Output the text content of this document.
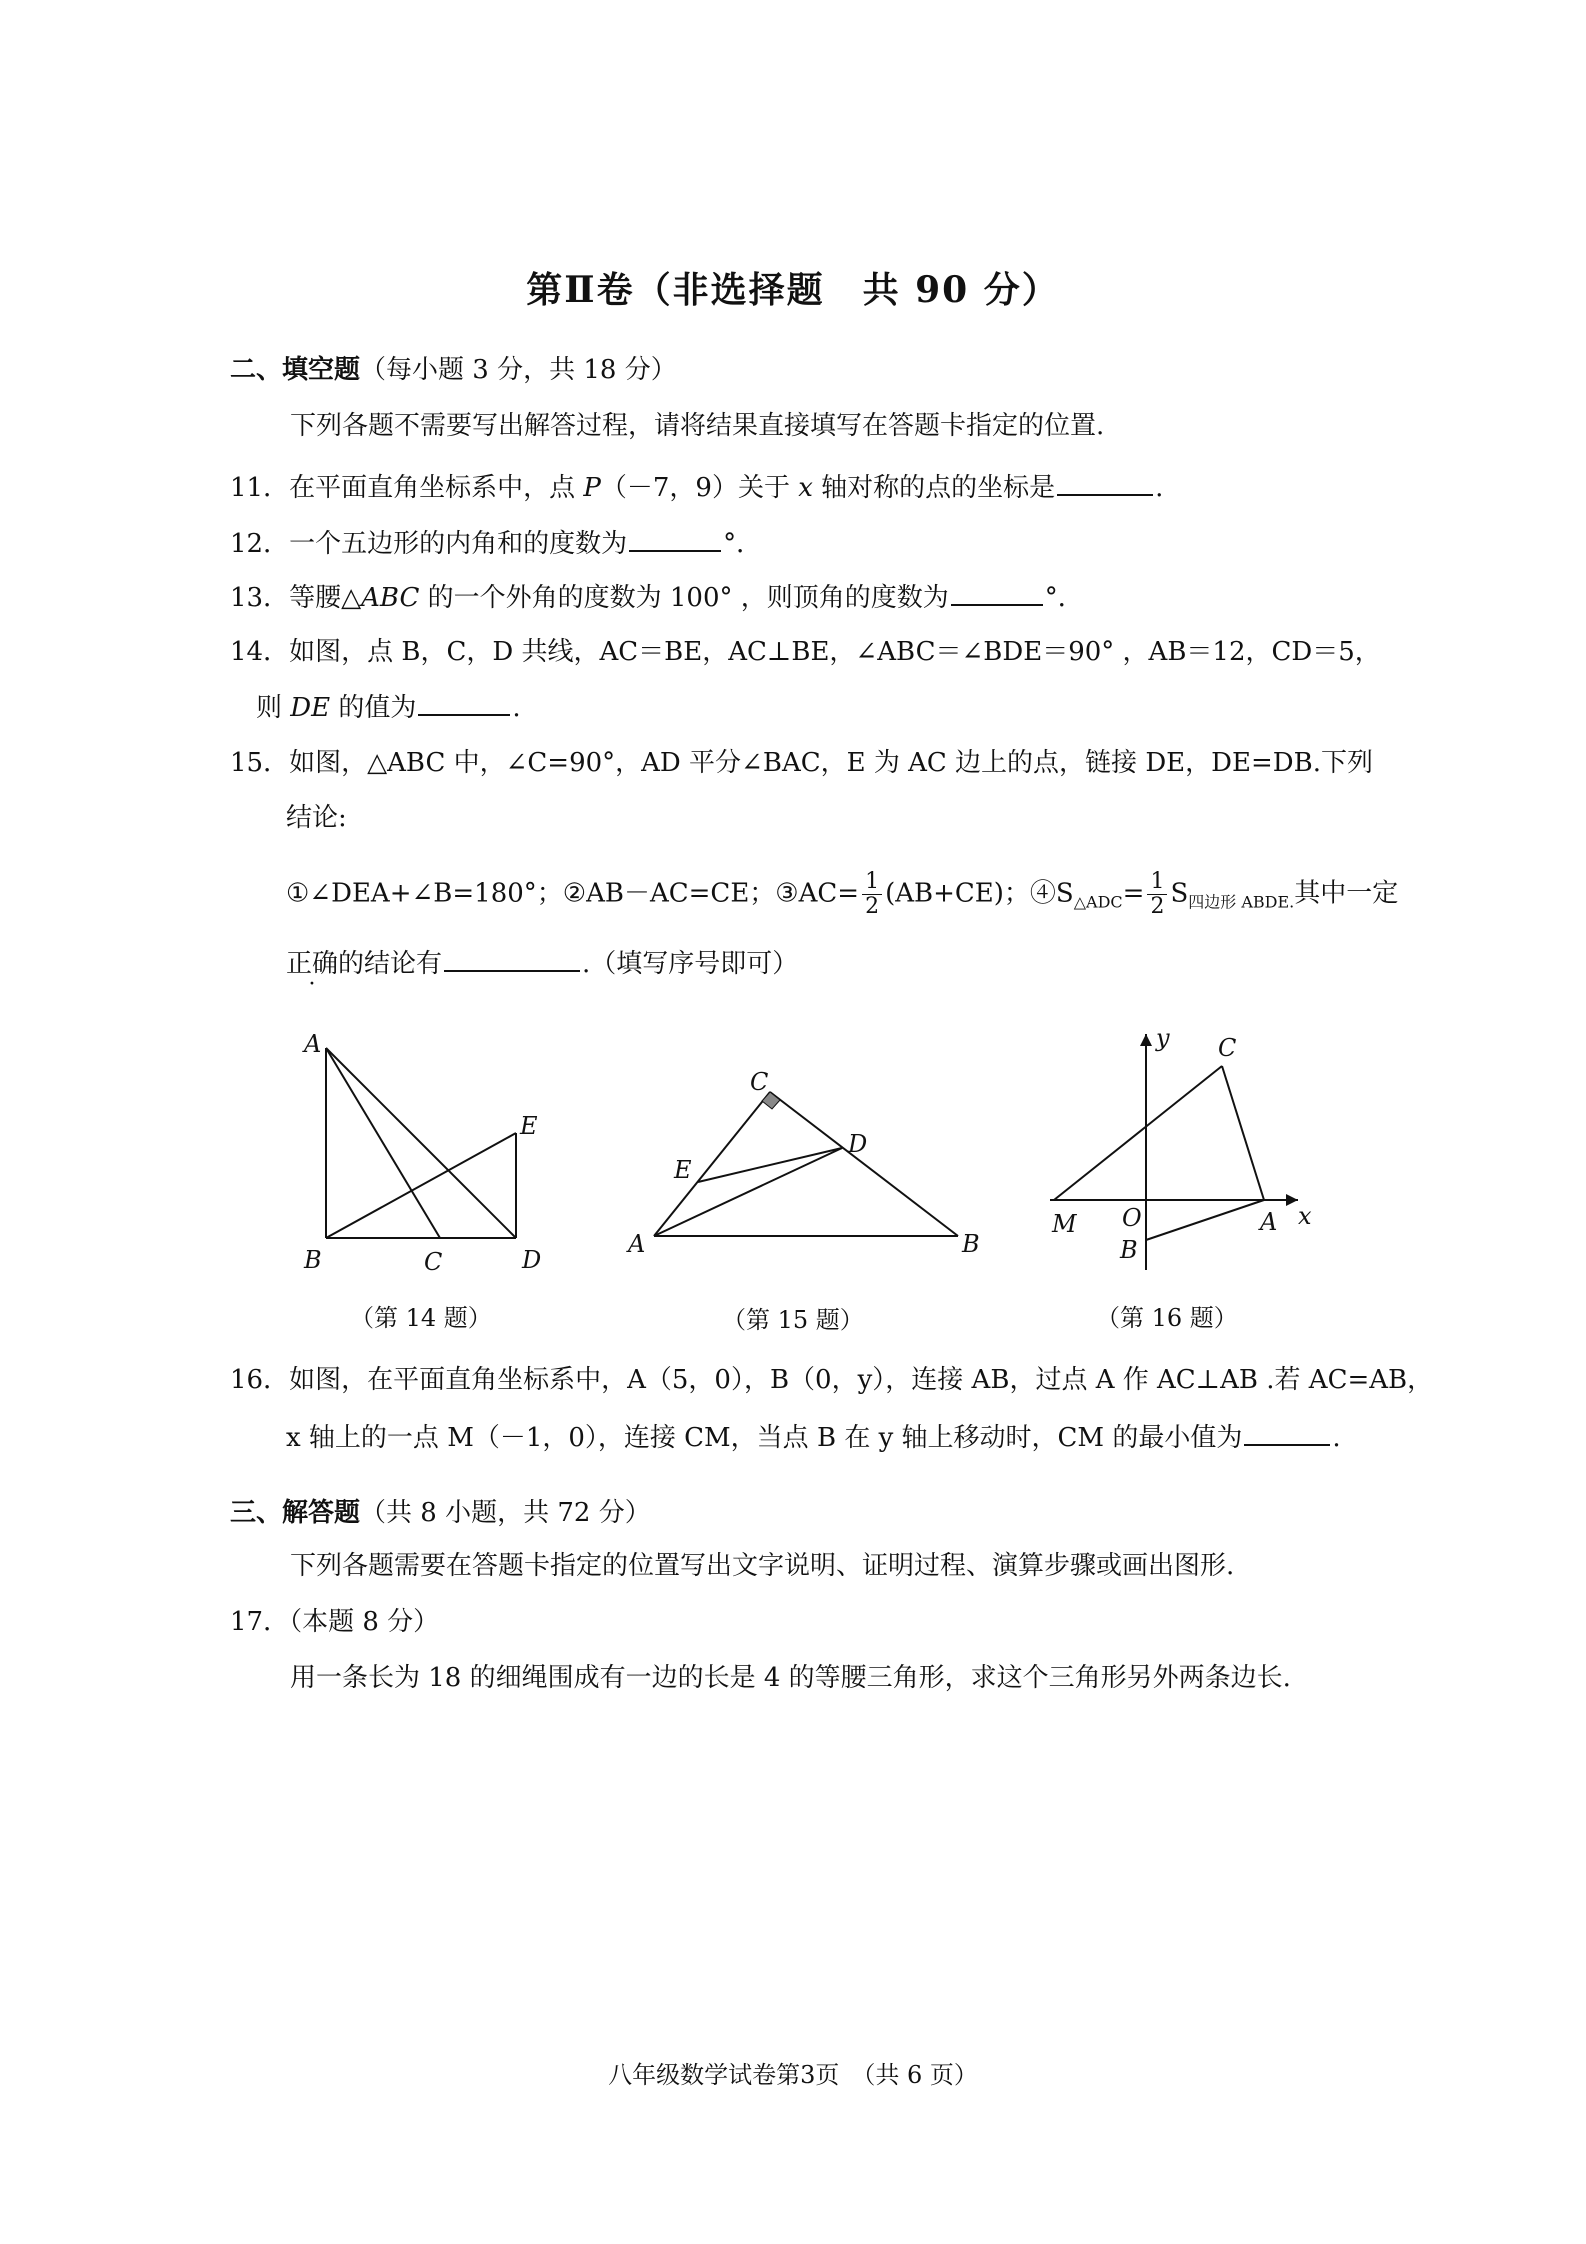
第Ⅱ卷（非选择题　共 90 分）
二、填空题（每小题 3 分，共 18 分）
下列各题不需要写出解答过程，请将结果直接填写在答题卡指定的位置.
11．在平面直角坐标系中，点 P（－7，9）关于 x 轴对称的点的坐标是	.
12．一个五边形的内角和的度数为	°．
13．等腰△ABC 的一个外角的度数为 100° ，则顶角的度数为	°．
14．如图，点 B，C，D 共线，AC＝BE，AC⊥BE，∠ABC＝∠BDE＝90° ，AB＝12，CD＝5，
则 DE 的值为	.
15．如图，△ABC 中，∠C=90°，AD 平分∠BAC，E 为 AC 边上的点，链接 DE，DE=DB.下列
结论:
①∠DEA+∠B=180°；②AB－AC=CE；③AC= $\frac{1}{2} (AB+CE)$；$④S_{\triangle ADC}= \frac{1}{2} S_{四边形 ABDE.}$其中一定
正确的结论有	.（填写序号即可）
A
B	C	D
E
（第 14 题）
A	B
C
D
E
（第 15 题）
y
x
C
M O	A
B
（第 16 题）
16．如图，在平面直角坐标系中，A（5，0），B（0，y），连接 AB，过点 A 作 AC⊥AB .若 AC=AB，
x 轴上的一点 M（－1，0），连接 CM，当点 B 在 y 轴上移动时，CM 的最小值为	.
三、解答题（共 8 小题，共 72 分）
下列各题需要在答题卡指定的位置写出文字说明、证明过程、演算步骤或画出图形.
17．（本题 8 分）
用一条长为 18 的细绳围成有一边的长是 4 的等腰三角形，求这个三角形另外两条边长.
八年级数学试卷第3页　（共 6 页）
